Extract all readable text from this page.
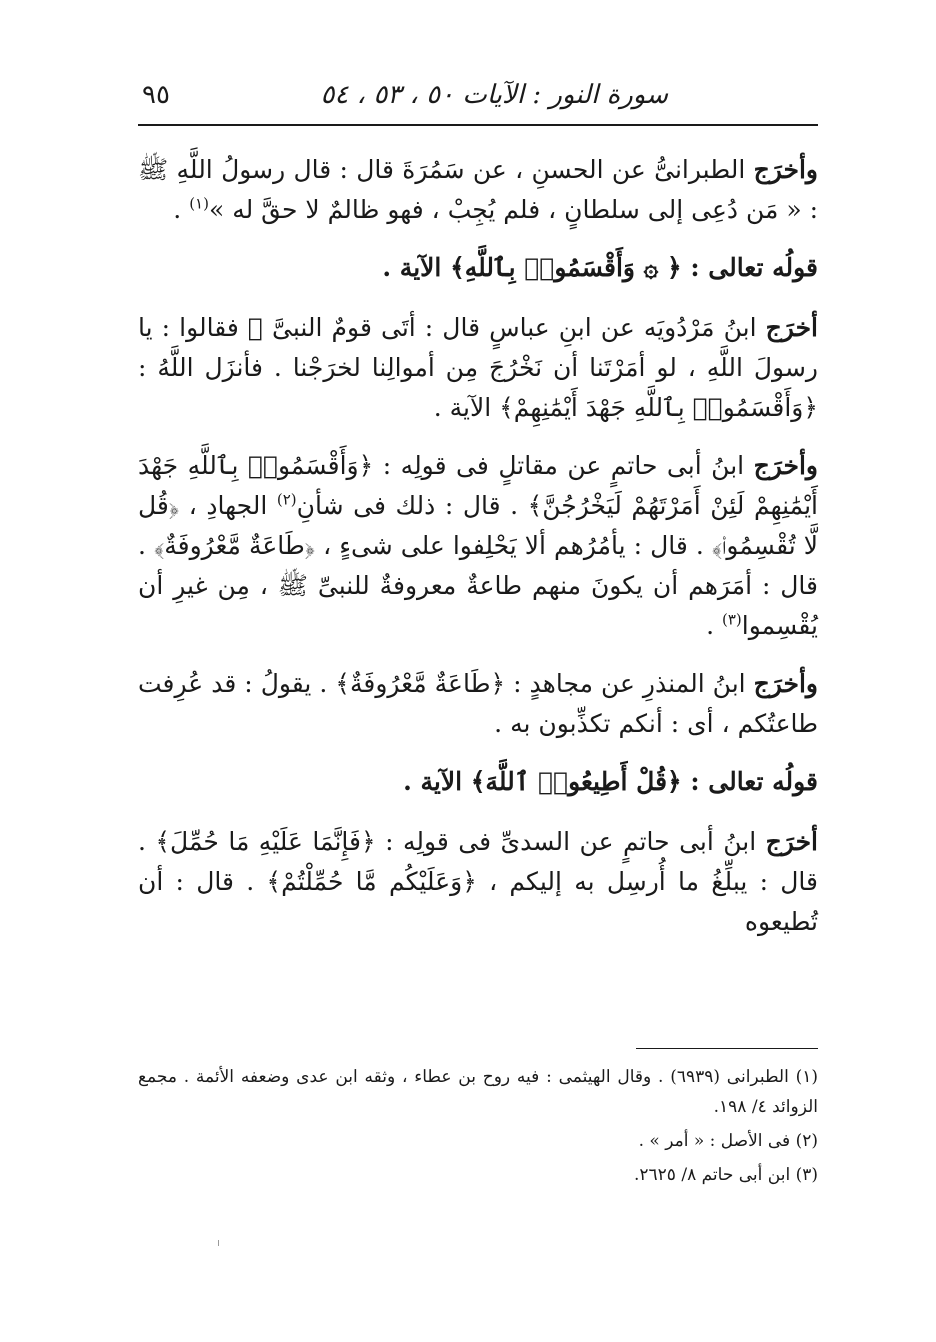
سورة النور : الآيات ٥٠ ، ٥٣ ، ٥٤
٩٥

وأخرَج الطبرانىُّ عن الحسنِ ، عن سَمُرَةَ قال : قال رسولُ اللَّهِ ﷺ : « مَن دُعِى إلى سلطانٍ ، فلم يُجِبْ ، فهو ظالمٌ لا حقَّ له »$^{(١)}$ .

قولُه تعالى : ﴿ ۞ وَأَقْسَمُوا۟ بِٱللَّهِ﴾ الآية .

أخرَج ابنُ مَرْدُويَه عن ابنِ عباسٍ قال : أتَى قومٌ النبىَّ ﷺ فقالوا : يا رسولَ اللَّهِ ، لو أمَرْتَنا أن نَخْرُجَ مِن أموالِنا لخرَجْنا . فأنزَل اللَّهُ : ﴿وَأَقْسَمُوا۟ بِٱللَّهِ جَهْدَ أَيْمَٰنِهِمْ﴾ الآية .

وأخرَج ابنُ أبى حاتمٍ عن مقاتلٍ فى قولِه : ﴿وَأَقْسَمُوا۟ بِٱللَّهِ جَهْدَ أَيْمَٰنِهِمْ لَئِنْ أَمَرْتَهُمْ لَيَخْرُجُنَّ﴾ . قال : ذلك فى شأنِ$^{(٢)}$ الجهادِ ، ﴿قُل لَّا تُقْسِمُوا۟﴾ . قال : يأمُرُهم ألا يَحْلِفوا على شىءٍ ، ﴿طَاعَةٌ مَّعْرُوفَةٌ﴾ . قال : أمَرَهم أن يكونَ منهم طاعةٌ معروفةٌ للنبىِّ ﷺ ، مِن غيرِ أن يُقْسِموا$^{(٣)}$ .

وأخرَج ابنُ المنذرِ عن مجاهدٍ : ﴿طَاعَةٌ مَّعْرُوفَةٌ﴾ . يقولُ : قد عُرِفت طاعتُكم ، أى : أنكم تكذِّبون به .

قولُه تعالى : ﴿قُلْ أَطِيعُوا۟ ٱللَّهَ﴾ الآية .

أخرَج ابنُ أبى حاتمٍ عن السدىِّ فى قولِه : ﴿فَإِنَّمَا عَلَيْهِ مَا حُمِّلَ﴾ . قال : يبلِّغُ ما أُرسِل به إليكم ، ﴿وَعَلَيْكُم مَّا حُمِّلْتُمْ﴾ . قال : أن تُطيعوه

(١) الطبرانى (٦٩٣٩) . وقال الهيثمى : فيه روح بن عطاء ، وثقه ابن عدى وضعفه الأئمة . مجمع الزوائد ٤/ ١٩٨.

(٢) فى الأصل : « أمر » .

(٣) ابن أبى حاتم ٨/ ٢٦٢٥.
